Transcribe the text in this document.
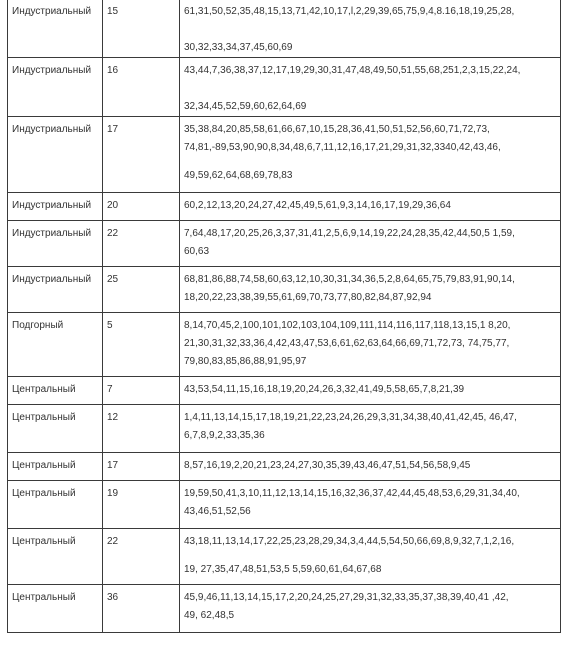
Индустриальный	15	61,31,50,52,35,48,15,13,71,42,10,17,l,2,29,39,65,75,9,4,8.16,18,19,25,28,
30,32,33,34,37,45,60,69

Индустриальный	16	43,44,7,36,38,37,12,17,19,29,30,31,47,48,49,50,51,55,68,251,2,3,15,22,24,
32,34,45,52,59,60,62,64,69

Индустриальный	17	35,38,84,20,85,58,61,66,67,10,15,28,36,41,50,51,52,56,60,71,72,73,
74,81,-89,53,90,90,8,34,48,6,7,11,12,16,17,21,29,31,32,3340,42,43,46,
49,59,62,64,68,69,78,83

Индустриальный	20	60,2,12,13,20,24,27,42,45,49,5,61,9,3,14,16,17,19,29,36,64

Индустриальный	22	7,64,48,17,20,25,26,3,37,31,41,2,5,6,9,14,19,22,24,28,35,42,44,50,5 1,59,
60,63

Индустриальный	25	68,81,86,88,74,58,60,63,12,10,30,31,34,36,5,2,8,64,65,75,79,83,91,90,14,
18,20,22,23,38,39,55,61,69,70,73,77,80,82,84,87,92,94

Подгорный	5	8,14,70,45,2,100,101,102,103,104,109,111,114,116,117,118,13,15,1 8,20,
21,30,31,32,33,36,4,42,43,47,53,6,61,62,63,64,66,69,71,72,73, 74,75,77,
79,80,83,85,86,88,91,95,97

Центральный	7	43,53,54,11,15,16,18,19,20,24,26,3,32,41,49,5,58,65,7,8,21,39

Центральный	12	1,4,11,13,14,15,17,18,19,21,22,23,24,26,29,3,31,34,38,40,41,42,45, 46,47,
6,7,8,9,2,33,35,36

Центральный	17	8,57,16,19,2,20,21,23,24,27,30,35,39,43,46,47,51,54,56,58,9,45

Центральный	19	19,59,50,41,3,10,11,12,13,14,15,16,32,36,37,42,44,45,48,53,6,29,31,34,40,
43,46,51,52,56

Центральный	22	43,18,11,13,14,17,22,25,23,28,29,34,3,4,44,5,54,50,66,69,8,9,32,7,1,2,16,
19, 27,35,47,48,51,53,5 5,59,60,61,64,67,68

Центральный	36	45,9,46,11,13,14,15,17,2,20,24,25,27,29,31,32,33,35,37,38,39,40,41 ,42,
49, 62,48,5
